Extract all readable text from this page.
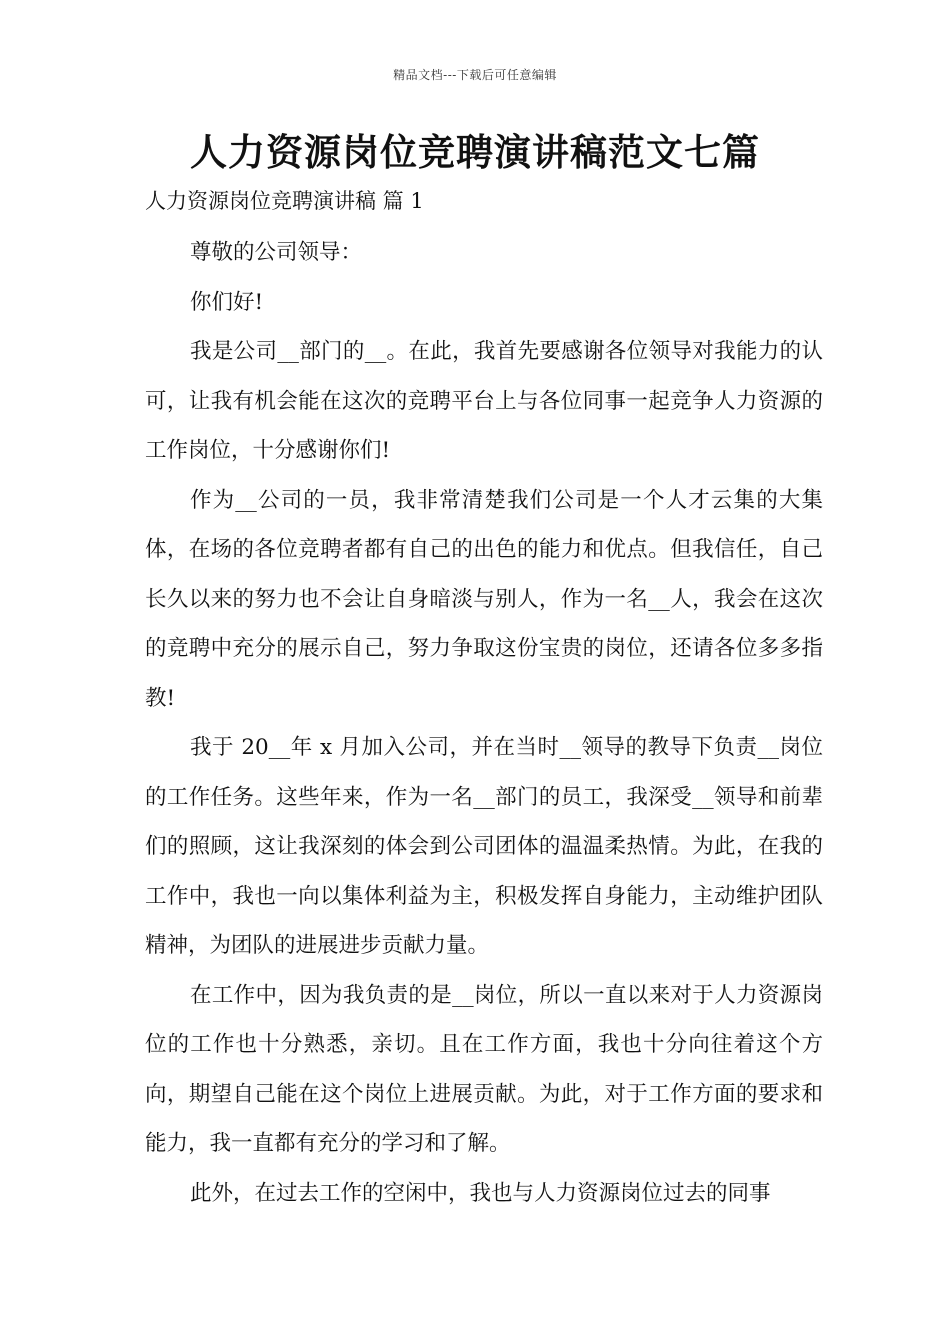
精品文档---下载后可任意编辑
人力资源岗位竞聘演讲稿范文七篇
人力资源岗位竞聘演讲稿 篇 1

尊敬的公司领导：

你们好!

我是公司__部门的__。在此，我首先要感谢各位领导对我能力的认可，让我有机会能在这次的竞聘平台上与各位同事一起竞争人力资源的工作岗位，十分感谢你们!

作为__公司的一员，我非常清楚我们公司是一个人才云集的大集体，在场的各位竞聘者都有自己的出色的能力和优点。但我信任，自己长久以来的努力也不会让自身暗淡与别人，作为一名__人，我会在这次的竞聘中充分的展示自己，努力争取这份宝贵的岗位，还请各位多多指教!

我于 20__年 x 月加入公司，并在当时__领导的教导下负责__岗位的工作任务。这些年来，作为一名__部门的员工，我深受__领导和前辈们的照顾，这让我深刻的体会到公司团体的温温柔热情。为此，在我的工作中，我也一向以集体利益为主，积极发挥自身能力，主动维护团队精神，为团队的进展进步贡献力量。

在工作中，因为我负责的是__岗位，所以一直以来对于人力资源岗位的工作也十分熟悉，亲切。且在工作方面，我也十分向往着这个方向，期望自己能在这个岗位上进展贡献。为此，对于工作方面的要求和能力，我一直都有充分的学习和了解。

此外，在过去工作的空闲中，我也与人力资源岗位过去的同事
